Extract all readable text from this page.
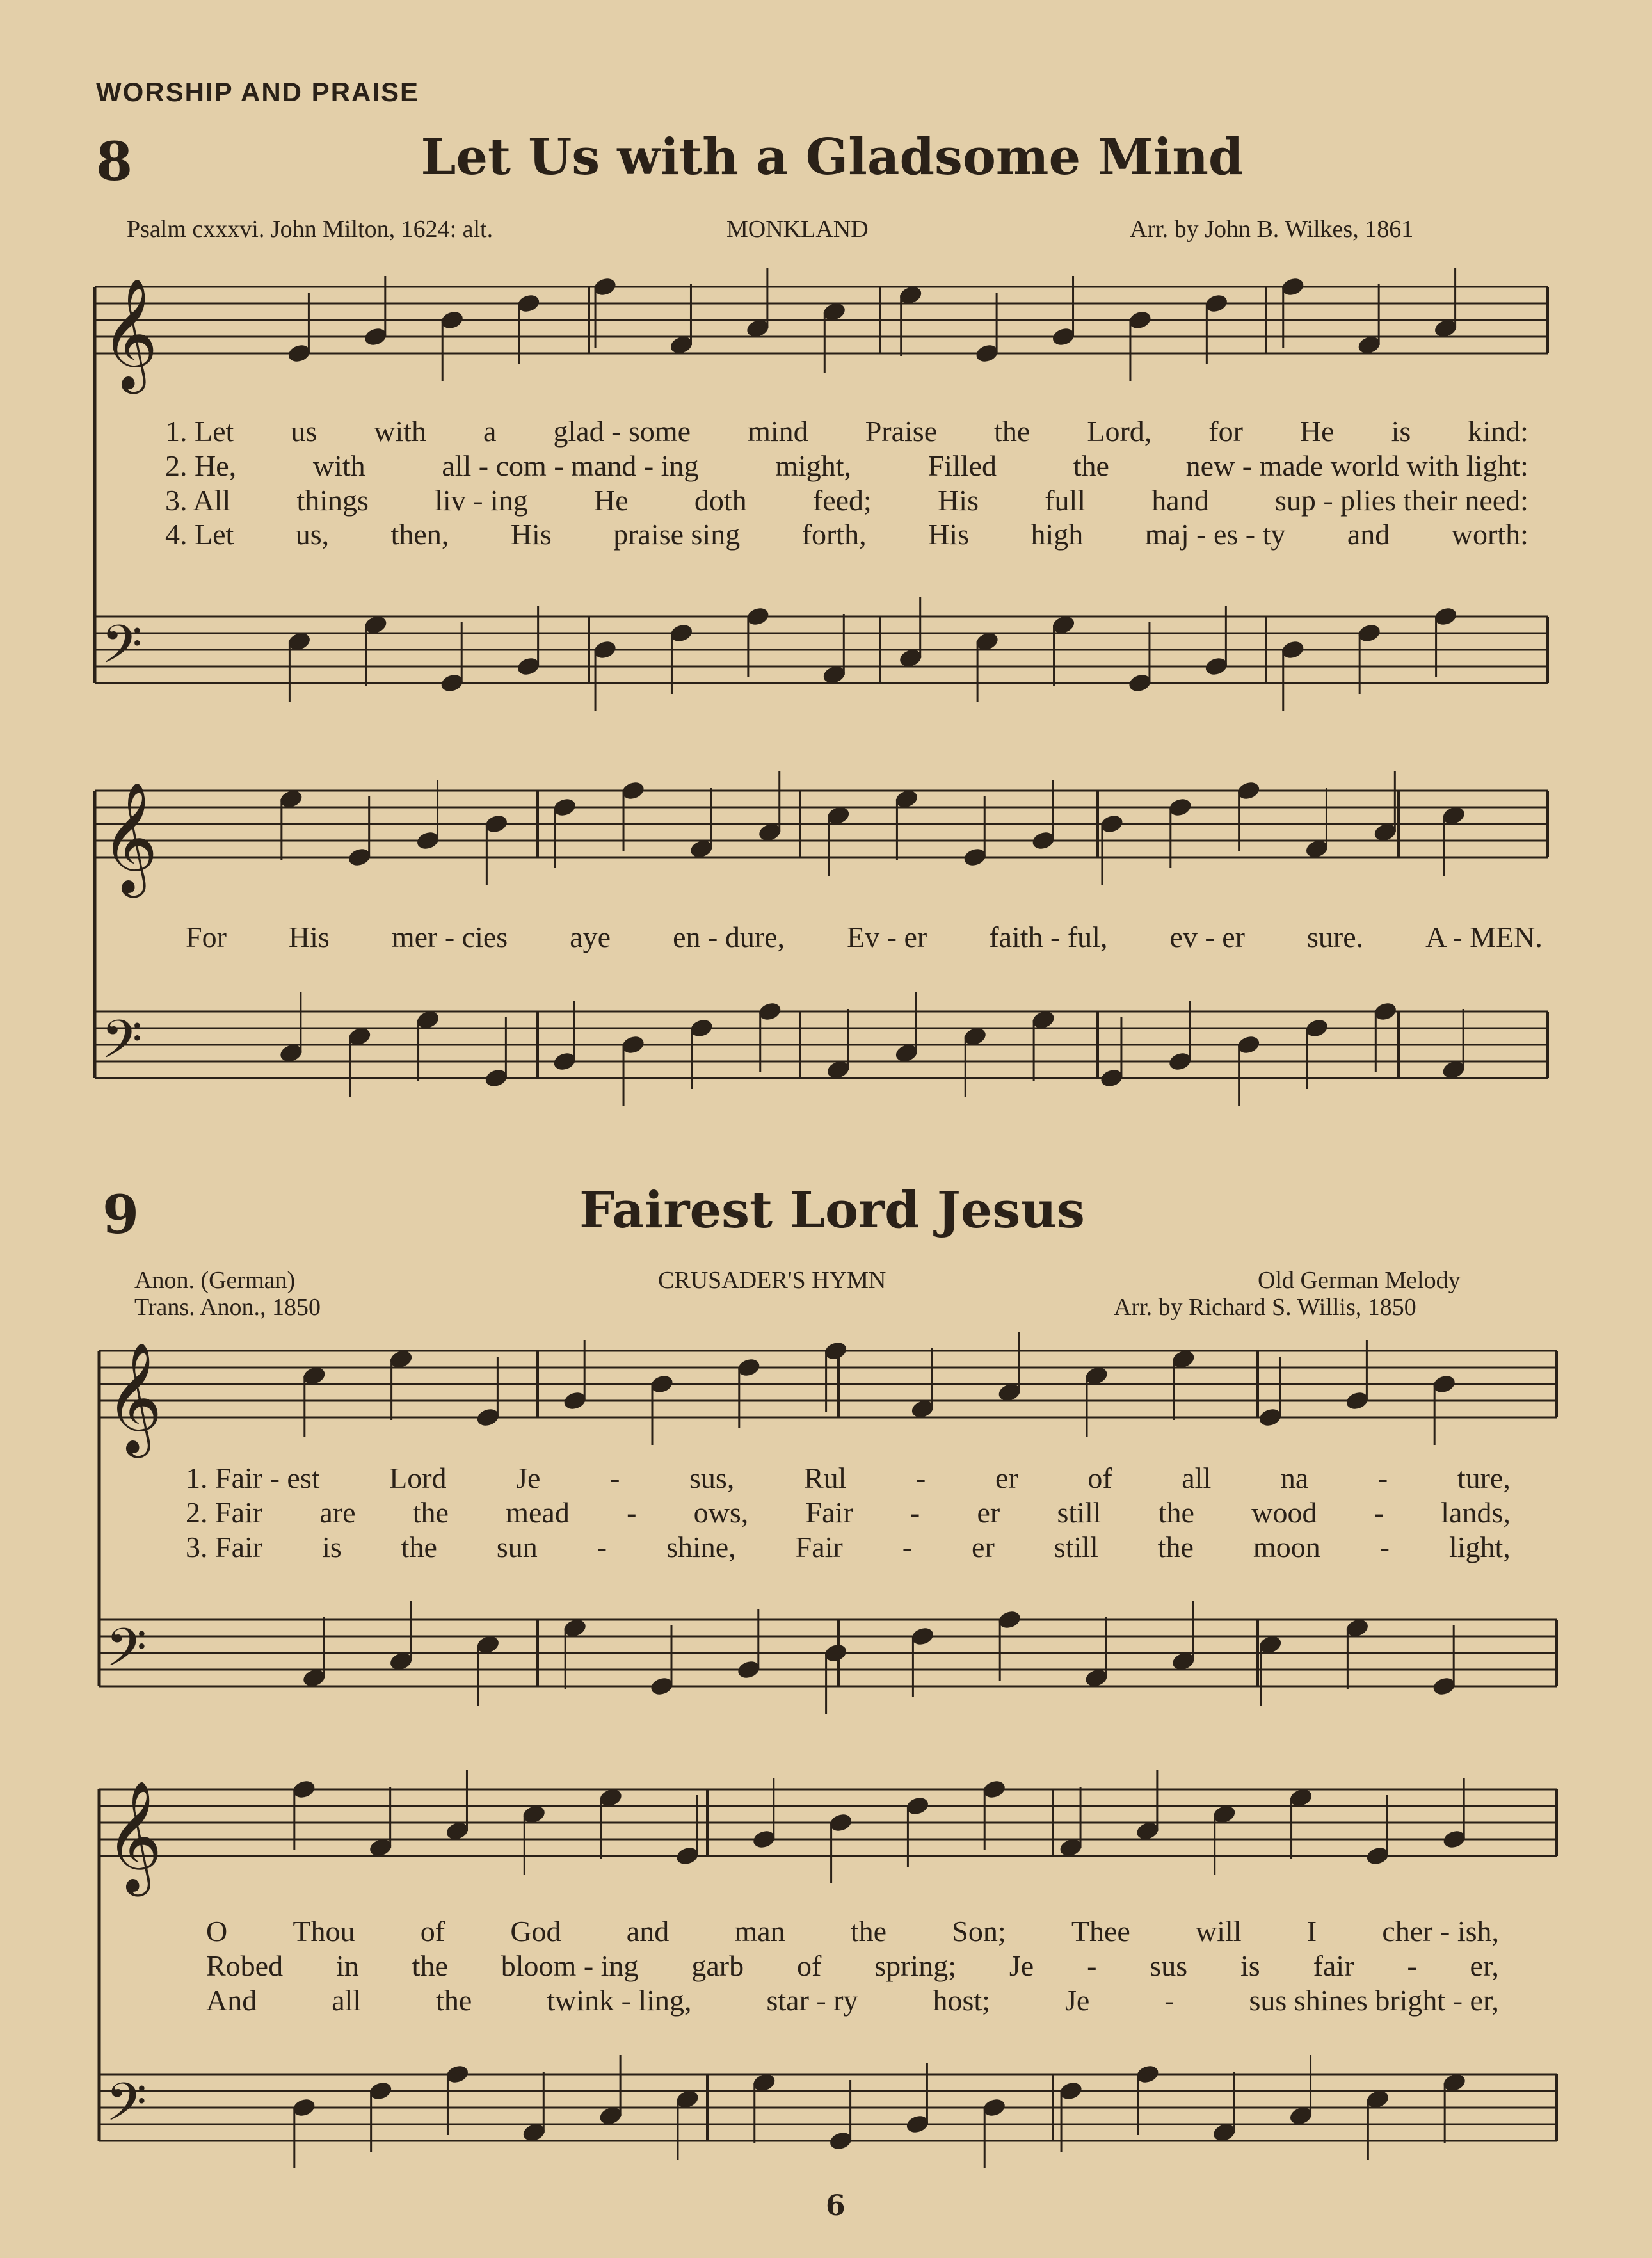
WORSHIP AND PRAISE
8	Let Us with a Gladsome Mind
Psalm cxxxvi. John Milton, 1624: alt.	MONKLAND	Arr. by John B. Wilkes, 1861
9	Fairest Lord Jesus
Anon. (German)
Trans. Anon., 1850
CRUSADER'S HYMN	Old German Melody
Arr. by Richard S. Willis, 1850
𝄞
𝄢
𝄞
𝄢
𝄞
𝄢
𝄞
𝄢
1. Let us with a glad - some mind Praise the Lord, for He is kind:
2. He,	with	all - com - mand - ing	might,	Filled	the	new - made world with light:
3. All things liv - ing He doth feed; His full hand sup - plies their need:
4. Let us, then, His praise sing forth, His high maj - es - ty and worth:
For His mer - cies aye en - dure, Ev - er faith - ful, ev - er sure. A - MEN.
1. Fair - est Lord Je - sus, Rul - er of all na - ture,
2. Fair are the mead - ows, Fair - er still the wood - lands,
3. Fair is the sun - shine, Fair - er still the moon - light,
O Thou of God and man the Son; Thee will I cher - ish,
Robed in the bloom - ing garb of spring; Je - sus is fair - er,
And	all	the	twink - ling,	star - ry	host;	Je	-	sus shines bright - er,
6
